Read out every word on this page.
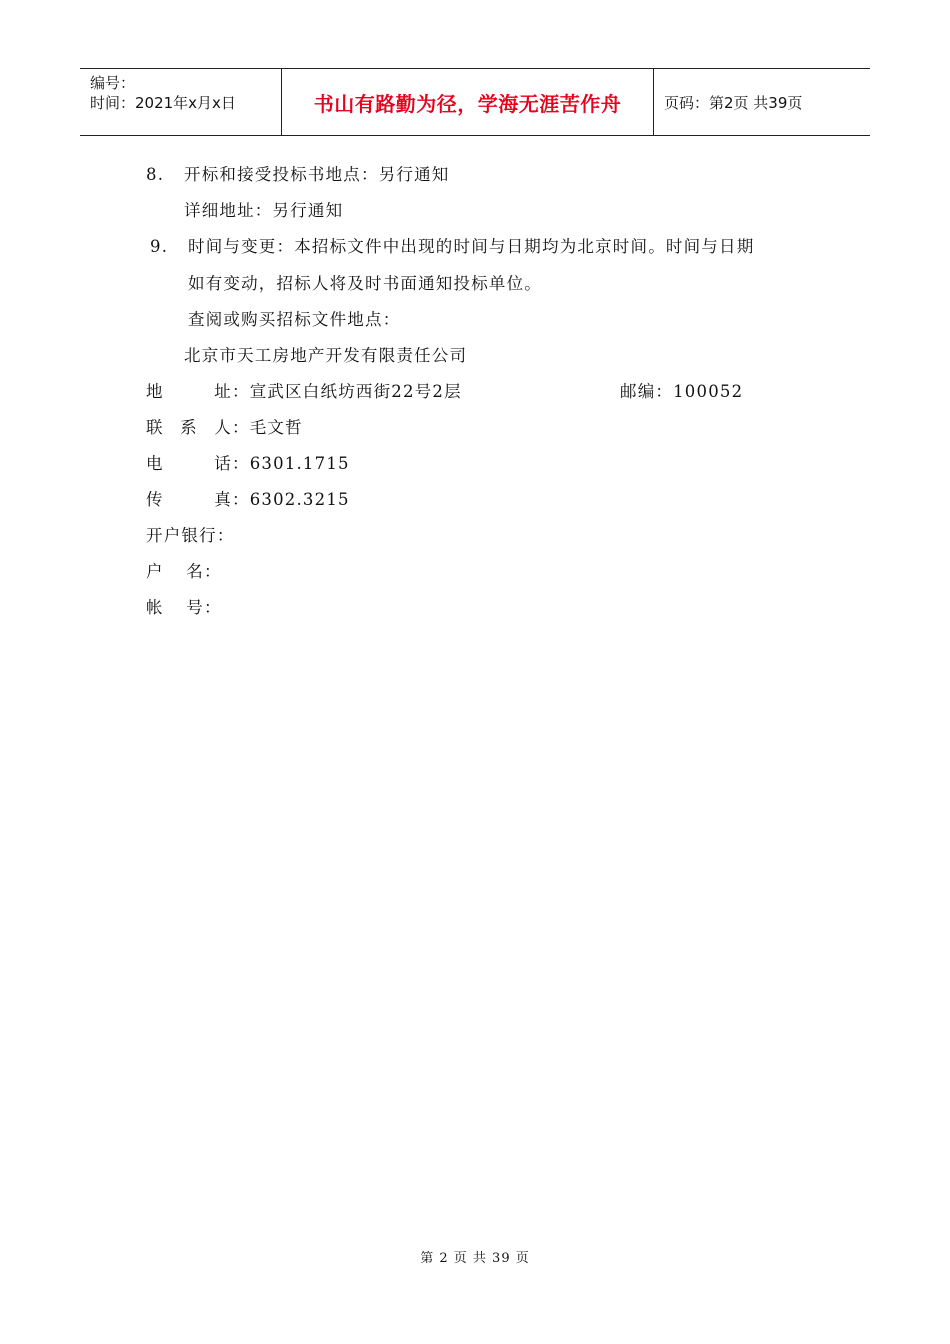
编号：
时间：2021年x月x日	书山有路勤为径，学海无涯苦作舟	页码：第2页 共39页
8. 开标和接受投标书地点：另行通知
详细地址：另行通知
9. 时间与变更：本招标文件中出现的时间与日期均为北京时间。时间与日期
如有变动，招标人将及时书面通知投标单位。
查阅或购买招标文件地点：
北京市天工房地产开发有限责任公司
地址：宣武区白纸坊西街22号2层	邮编：100052
联系人：毛文哲
电话：6301.1715
传真：6302.3215
开户银行：
户名：
帐号：
第 2 页 共 39 页
